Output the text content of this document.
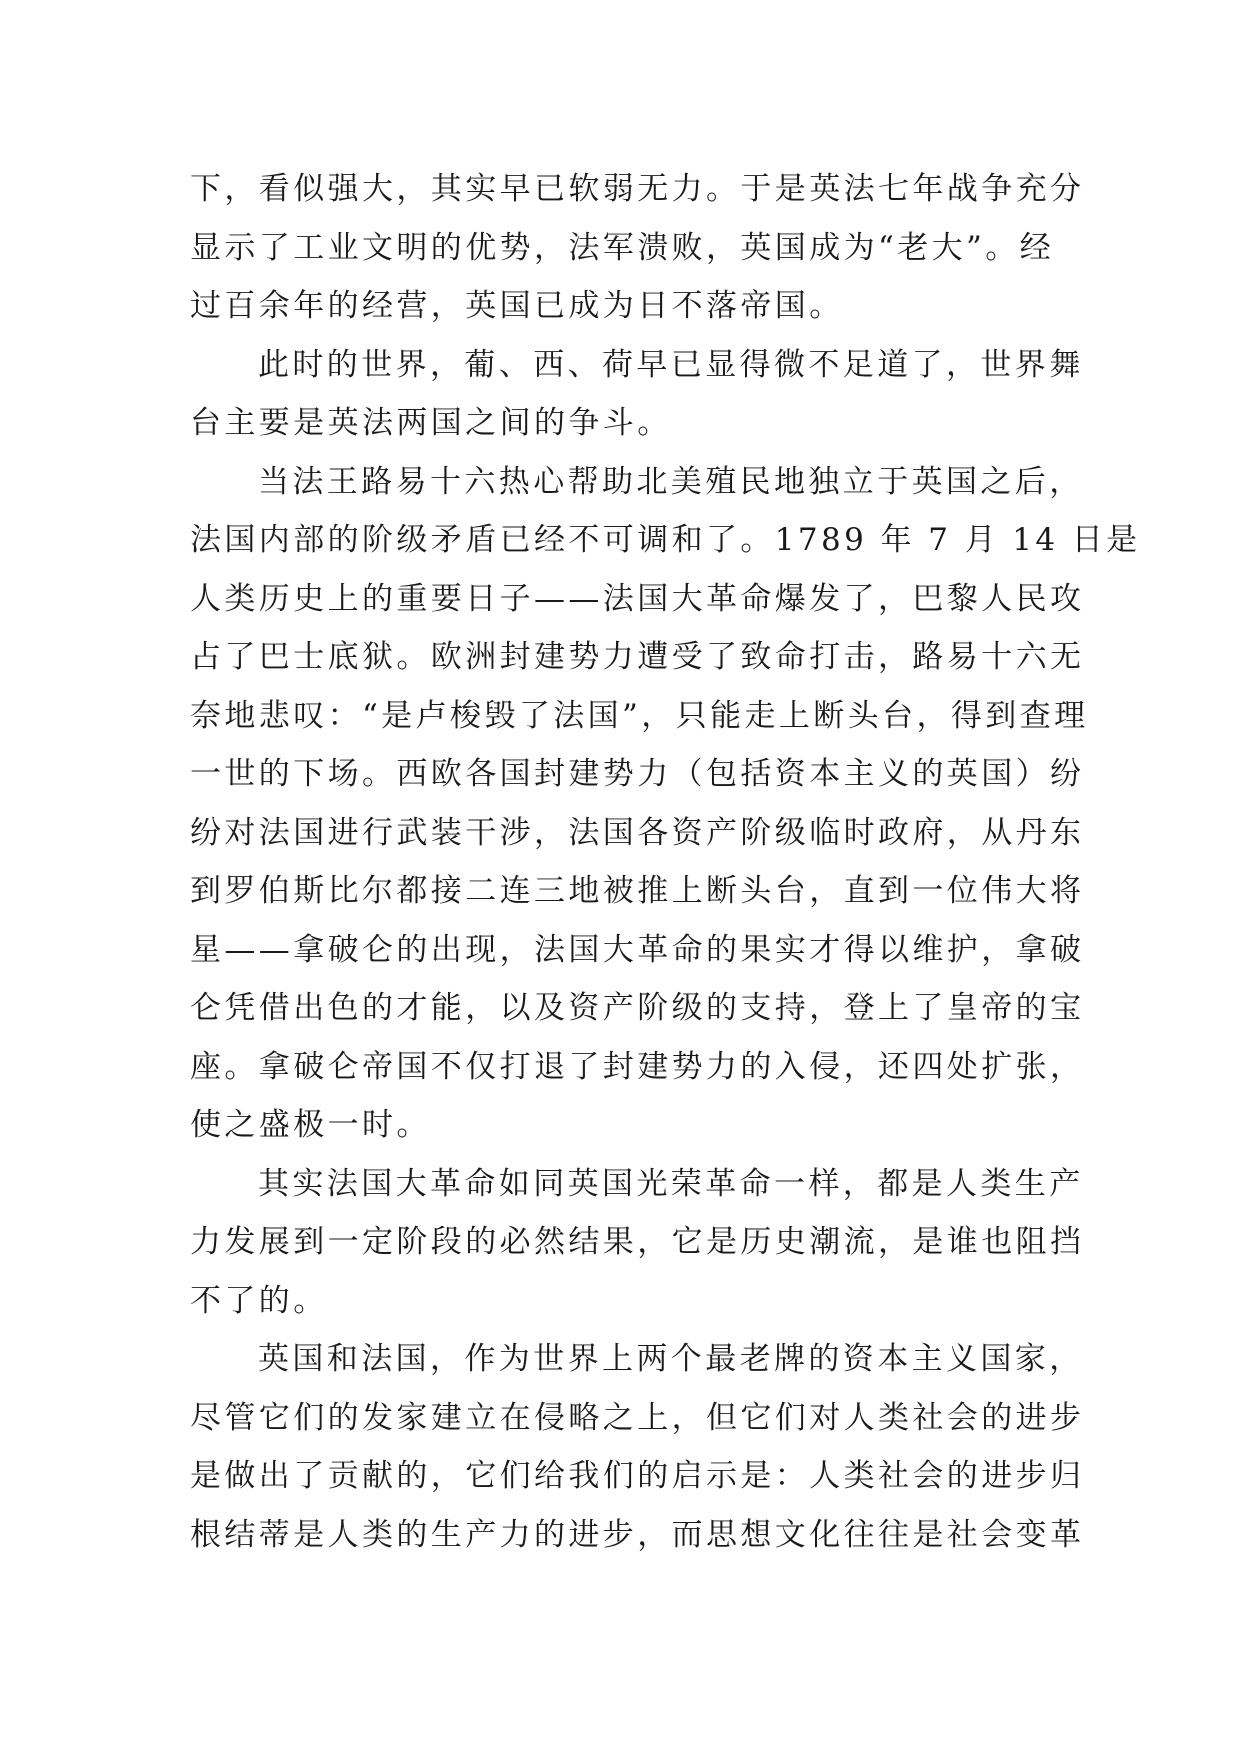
下，看似强大，其实早已软弱无力。于是英法七年战争充分
显示了工业文明的优势，法军溃败，英国成为“老大”。经
过百余年的经营，英国已成为日不落帝国。
此时的世界，葡、西、荷早已显得微不足道了，世界舞
台主要是英法两国之间的争斗。
当法王路易十六热心帮助北美殖民地独立于英国之后，
法国内部的阶级矛盾已经不可调和了。1789 年 7 月 14 日是
人类历史上的重要日子——法国大革命爆发了，巴黎人民攻
占了巴士底狱。欧洲封建势力遭受了致命打击，路易十六无
奈地悲叹：“是卢梭毁了法国”，只能走上断头台，得到查理
一世的下场。西欧各国封建势力（包括资本主义的英国）纷
纷对法国进行武装干涉，法国各资产阶级临时政府，从丹东
到罗伯斯比尔都接二连三地被推上断头台，直到一位伟大将
星——拿破仑的出现，法国大革命的果实才得以维护，拿破
仑凭借出色的才能，以及资产阶级的支持，登上了皇帝的宝
座。拿破仑帝国不仅打退了封建势力的入侵，还四处扩张，
使之盛极一时。
其实法国大革命如同英国光荣革命一样，都是人类生产
力发展到一定阶段的必然结果，它是历史潮流，是谁也阻挡
不了的。
英国和法国，作为世界上两个最老牌的资本主义国家，
尽管它们的发家建立在侵略之上，但它们对人类社会的进步
是做出了贡献的，它们给我们的启示是：人类社会的进步归
根结蒂是人类的生产力的进步，而思想文化往往是社会变革
